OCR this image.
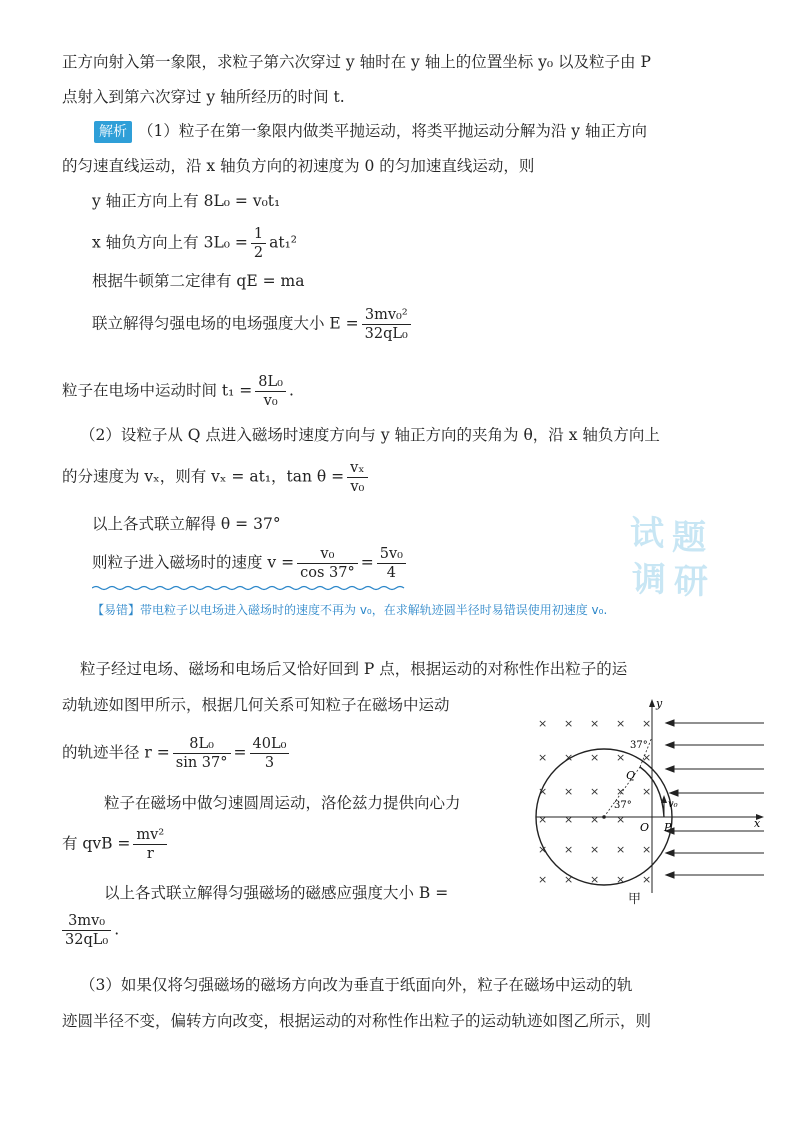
正方向射入第一象限，求粒子第六次穿过 y 轴时在 y 轴上的位置坐标 y₀ 以及粒子由 P
点射入到第六次穿过 y 轴所经历的时间 t.
解析 （1）粒子在第一象限内做类平抛运动，将类平抛运动分解为沿 y 轴正方向
的匀速直线运动，沿 x 轴负方向的初速度为 0 的匀加速直线运动，则
y 轴正方向上有 8L₀ = v₀t₁
x 轴负方向上有 $3L_0 = \frac{1}{2} at_1^2$
根据牛顿第二定律有 qE = ma
联立解得匀强电场的电场强度大小 $E = \frac{\text{3mv₀²}}{\text{32qL₀}}$
粒子在电场中运动时间 $t_1 = \frac{\text{8L₀}}{\text{v₀}}$ .
（2）设粒子从 Q 点进入磁场时速度方向与 y 轴正方向的夹角为 θ，沿 x 轴负方向上
的分速度为 vₓ，则有 vₓ = at₁，$\tan \theta = \frac{\text{vₓ}}{\text{v₀}}$
以上各式联立解得 θ = 37°
则粒子进入磁场时的速度 $v = \frac{\text{v₀}}{\cos 37^\circ} = \frac{\text{5v₀}}{4}$
【易错】带电粒子以电场进入磁场时的速度不再为 v₀，在求解轨迹圆半径时易错误使用初速度 v₀.
试 题
调 研
粒子经过电场、磁场和电场后又恰好回到 P 点，根据运动的对称性作出粒子的运
动轨迹如图甲所示，根据几何关系可知粒子在磁场中运动
的轨迹半径 $r = \frac{\text{8L₀}}{\sin 37^\circ} = \frac{\text{40L₀}}{3}$
粒子在磁场中做匀速圆周运动，洛伦兹力提供向心力
有 qvB = $\frac{\text{mv²}}{r}$
以上各式联立解得匀强磁场的磁感应强度大小 B =
$\frac{\text{3mv₀}}{\text{32qL₀}}$ .
（3）如果仅将匀强磁场的磁场方向改为垂直于纸面向外，粒子在磁场中运动的轨
迹圆半径不变，偏转方向改变，根据运动的对称性作出粒子的运动轨迹如图乙所示，则
× × × × ×
× × × × ×
× × × × ×
× × × ×
× × × × ×
× × × × ×
y
x
37°
37°
Q
O P
v₀
甲
